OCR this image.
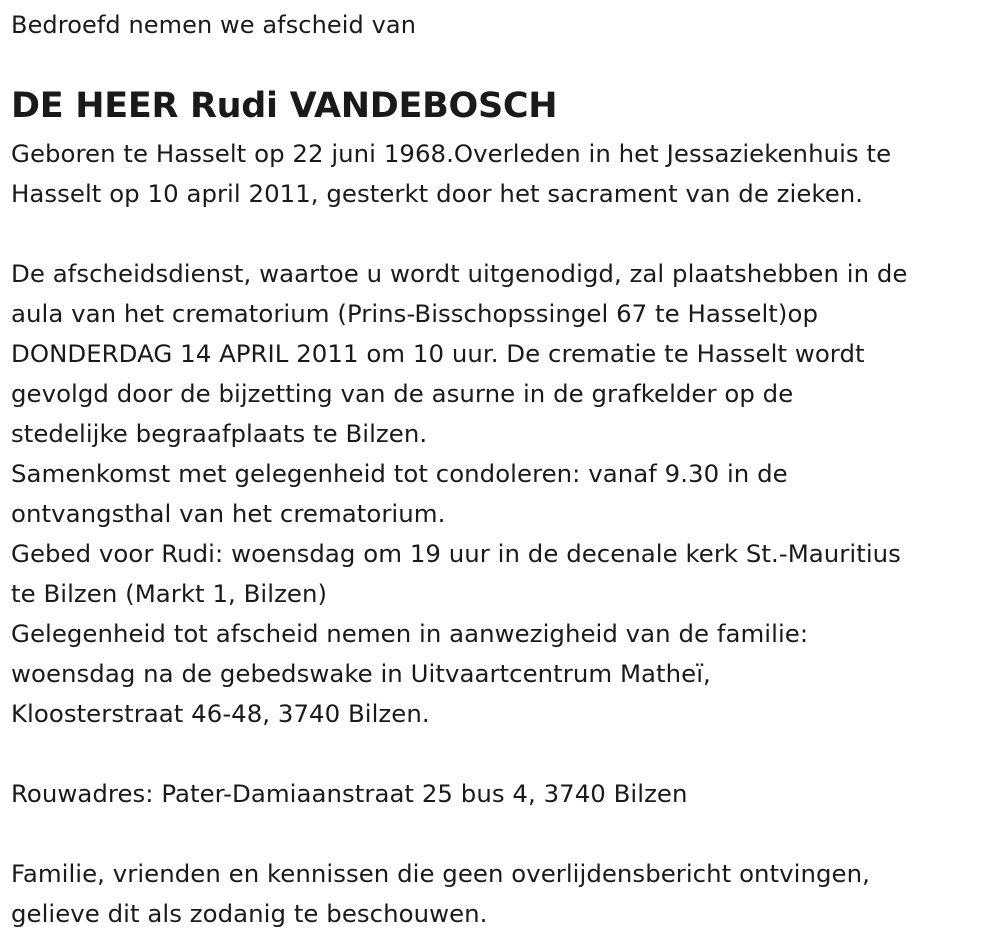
Bedroefd nemen we afscheid van
DE HEER Rudi VANDEBOSCH
Geboren te Hasselt op 22 juni 1968.Overleden in het Jessaziekenhuis te
Hasselt op 10 april 2011, gesterkt door het sacrament van de zieken.
De afscheidsdienst, waartoe u wordt uitgenodigd, zal plaatshebben in de
aula van het crematorium (Prins-Bisschopssingel 67 te Hasselt)op
DONDERDAG 14 APRIL 2011 om 10 uur. De crematie te Hasselt wordt
gevolgd door de bijzetting van de asurne in de grafkelder op de
stedelijke begraafplaats te Bilzen.
Samenkomst met gelegenheid tot condoleren: vanaf 9.30 in de
ontvangsthal van het crematorium.
Gebed voor Rudi: woensdag om 19 uur in de decenale kerk St.-Mauritius
te Bilzen (Markt 1, Bilzen)
Gelegenheid tot afscheid nemen in aanwezigheid van de familie:
woensdag na de gebedswake in Uitvaartcentrum Matheï,
Kloosterstraat 46-48, 3740 Bilzen.
Rouwadres: Pater-Damiaanstraat 25 bus 4, 3740 Bilzen
Familie, vrienden en kennissen die geen overlijdensbericht ontvingen,
gelieve dit als zodanig te beschouwen.
